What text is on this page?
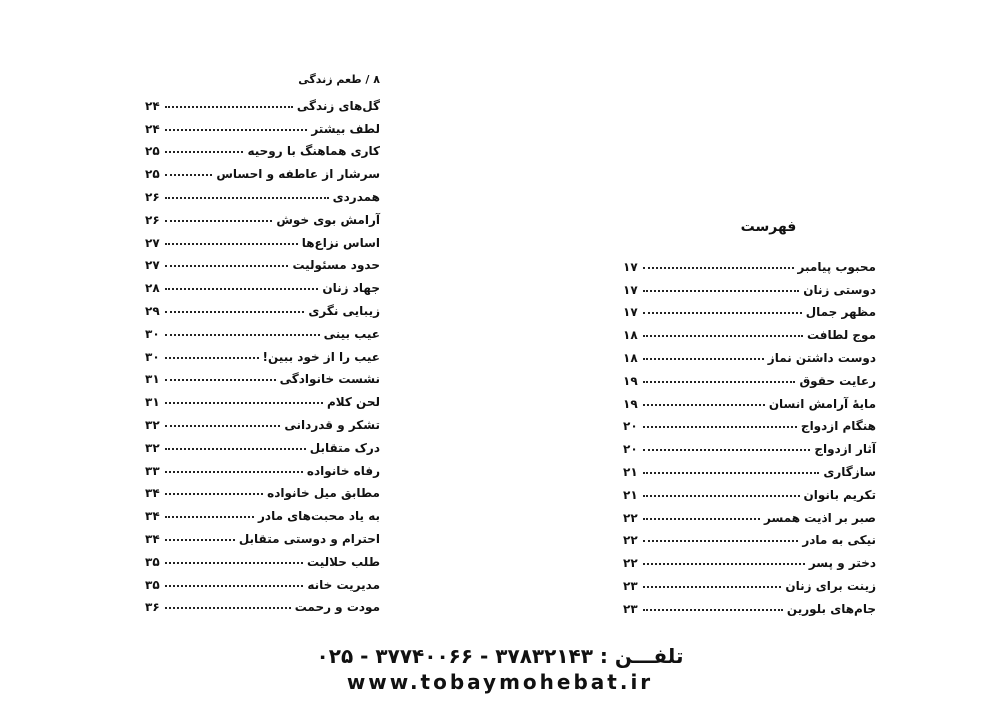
۸ / طعم زندگی
گل‌های زندگی
۲۴
لطف بیشتر
۲۴
کاری هماهنگ با روحیه
۲۵
سرشار از عاطفه و احساس
۲۵
همدردی
۲۶
آرامش بوی خوش
۲۶
اساس نزاع‌ها
۲۷
حدود مسئولیت
۲۷
جهاد زنان
۲۸
زیبایی نگری
۲۹
عیب بینی
۳۰
عیب را از خود ببین!
۳۰
نشست خانوادگی
۳۱
لحن کلام
۳۱
تشکر و قدردانی
۳۲
درک متقابل
۳۲
رفاه خانواده
۳۳
مطابق میل خانواده
۳۴
به یاد محبت‌های مادر
۳۴
احترام و دوستی متقابل
۳۴
طلب حلالیت
۳۵
مدیریت خانه
۳۵
مودت و رحمت
۳۶
فهرست
محبوب پیامبر
۱۷
دوستی زنان
۱۷
مظهر جمال
۱۷
موج لطافت
۱۸
دوست داشتن نماز
۱۸
رعایت حقوق
۱۹
مایهٔ آرامش انسان
۱۹
هنگام ازدواج
۲۰
آثار ازدواج
۲۰
سازگاری
۲۱
تکریم بانوان
۲۱
صبر بر اذیت همسر
۲۲
نیکی به مادر
۲۲
دختر و پسر
۲۲
زینت برای زنان
۲۳
جام‌های بلورین
۲۳
تلفـــن : ۳۷۸۳۲۱۴۳ - ۳۷۷۴۰۰۶۶ - ۰۲۵
www.tobaymohebat.ir
